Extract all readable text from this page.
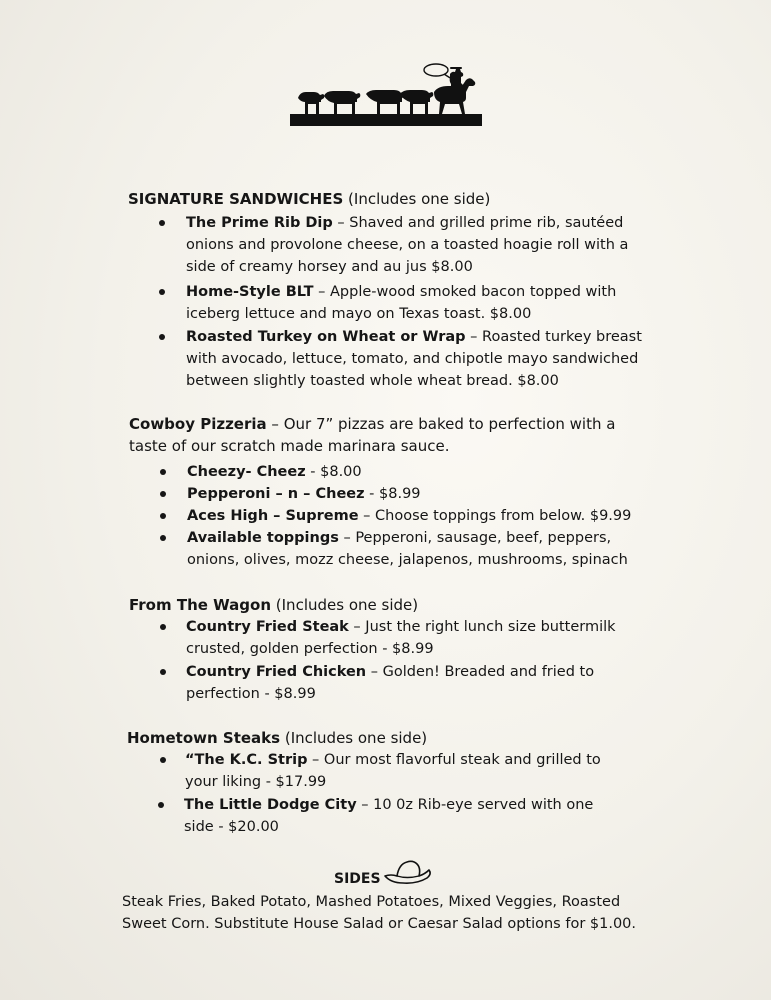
SIGNATURE SANDWICHES (Includes one side)
The Prime Rib Dip – Shaved and grilled prime rib, sautéed onions and provolone cheese, on a toasted hoagie roll with a side of creamy horsey and au jus $8.00
Home-Style BLT – Apple-wood smoked bacon topped with iceberg lettuce and mayo on Texas toast. $8.00
Roasted Turkey on Wheat or Wrap – Roasted turkey breast with avocado, lettuce, tomato, and chipotle mayo sandwiched between slightly toasted whole wheat bread. $8.00
Cowboy Pizzeria – Our 7” pizzas are baked to perfection with a taste of our scratch made marinara sauce.
Cheezy- Cheez - $8.00
Pepperoni – n – Cheez - $8.99
Aces High – Supreme – Choose toppings from below. $9.99
Available toppings – Pepperoni, sausage, beef, peppers, onions, olives, mozz cheese, jalapenos, mushrooms, spinach
From The Wagon (Includes one side)
Country Fried Steak – Just the right lunch size buttermilk crusted, golden perfection - $8.99
Country Fried Chicken – Golden! Breaded and fried to perfection - $8.99
Hometown Steaks (Includes one side)
“The K.C. Strip – Our most flavorful steak and grilled to your liking - $17.99
The Little Dodge City – 10 0z Rib-eye served with one side - $20.00
SIDES
Steak Fries, Baked Potato, Mashed Potatoes, Mixed Veggies, Roasted
Sweet Corn. Substitute House Salad or Caesar Salad options for $1.00.
